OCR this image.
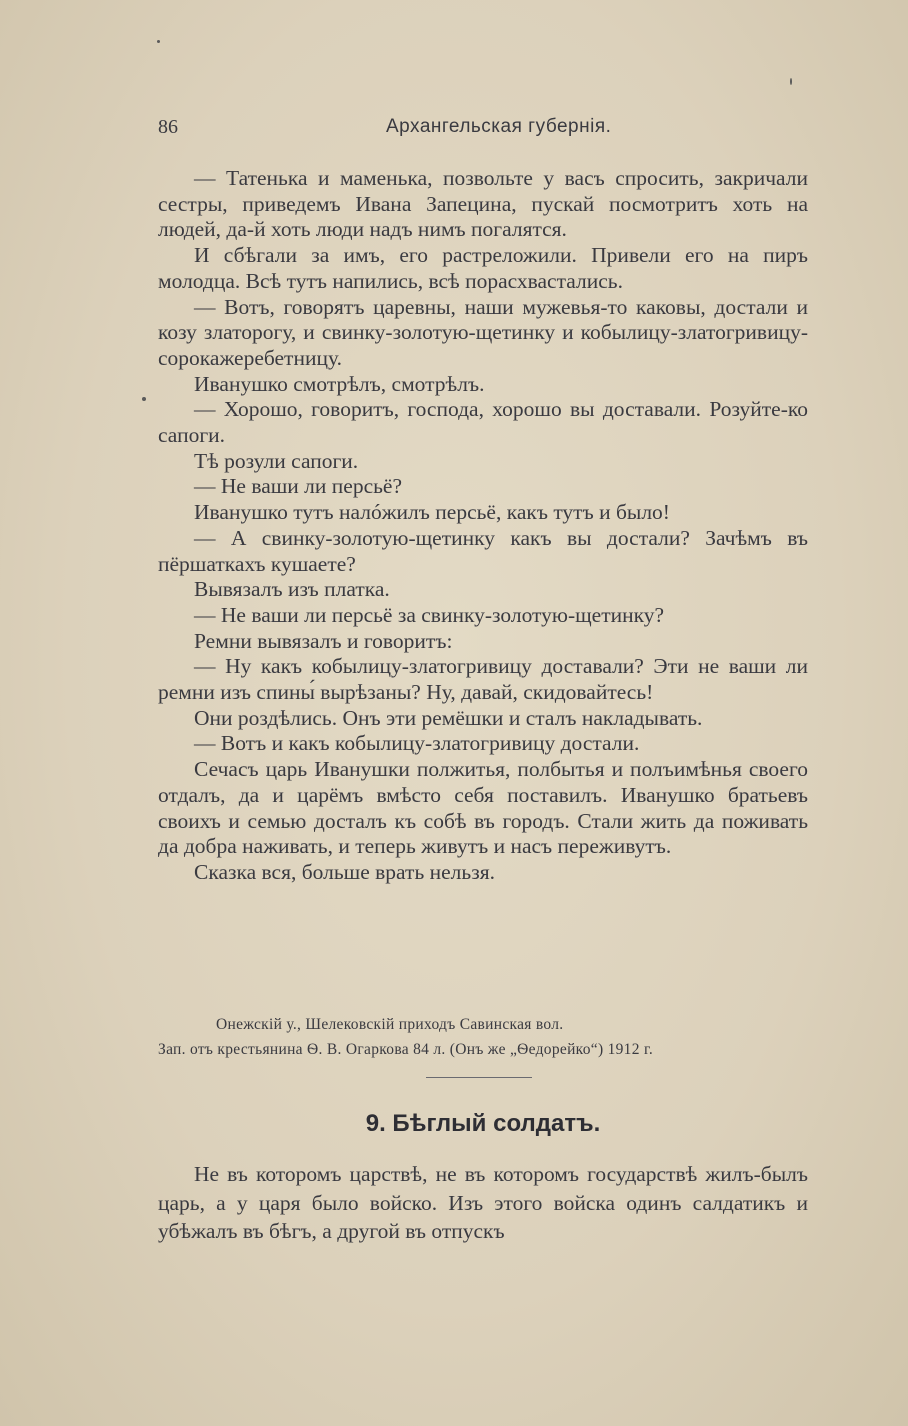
86	Архангельская губернія.

— Татенька и маменька, позвольте у васъ спросить, закричали сестры, приведемъ Ивана Запецина, пускай посмотритъ хоть на людей, да-й хоть люди надъ нимъ погалятся.

И сбѣгали за имъ, его растреложили. Привели его на пиръ молодца. Всѣ тутъ напились, всѣ порасхвастались.

— Вотъ, говорятъ царевны, наши мужевья-то каковы, достали и козу златорогу, и свинку-золотую-щетинку и кобылицу-златогривицу-сорокажеребетницу.

Иванушко смотрѣлъ, смотрѣлъ.

— Хорошо, говоритъ, господа, хорошо вы доставали. Розуйте-ко сапоги.

Тѣ розули сапоги.

— Не ваши ли персьё?

Иванушко тутъ налóжилъ персьё, какъ тутъ и было!

— А свинку-золотую-щетинку какъ вы достали? Зачѣмъ въ пёршаткахъ кушаете?

Вывязалъ изъ платка.

— Не ваши ли персьё за свинку-золотую-щетинку?

Ремни вывязалъ и говоритъ:

— Ну какъ кобылицу-златогривицу доставали? Эти не ваши ли ремни изъ спины́ вырѣзаны? Ну, давай, скидовайтесь!

Они роздѣлись. Онъ эти ремёшки и сталъ накладывать.

— Вотъ и какъ кобылицу-златогривицу достали.

Сечасъ царь Иванушки полжитья, полбытья и полъимѣнья своего отдалъ, да и царёмъ вмѣсто себя поставилъ. Иванушко братьевъ своихъ и семью досталъ къ собѣ въ городъ. Стали жить да поживать да добра наживать, и теперь живутъ и насъ переживутъ.

Сказка вся, больше врать нельзя.

Онежскій у., Шелековскій приходъ Савинская вол.
Зап. отъ крестьянина Ѳ. В. Огаркова 84 л. (Онъ же „Ѳедорейко“) 1912 г.
9. Бѣглый солдатъ.

Не въ которомъ царствѣ, не въ которомъ государствѣ жилъ-былъ царь, а у царя было войско. Изъ этого войска одинъ салдатикъ и убѣжалъ въ бѣгъ, а другой въ отпускъ
